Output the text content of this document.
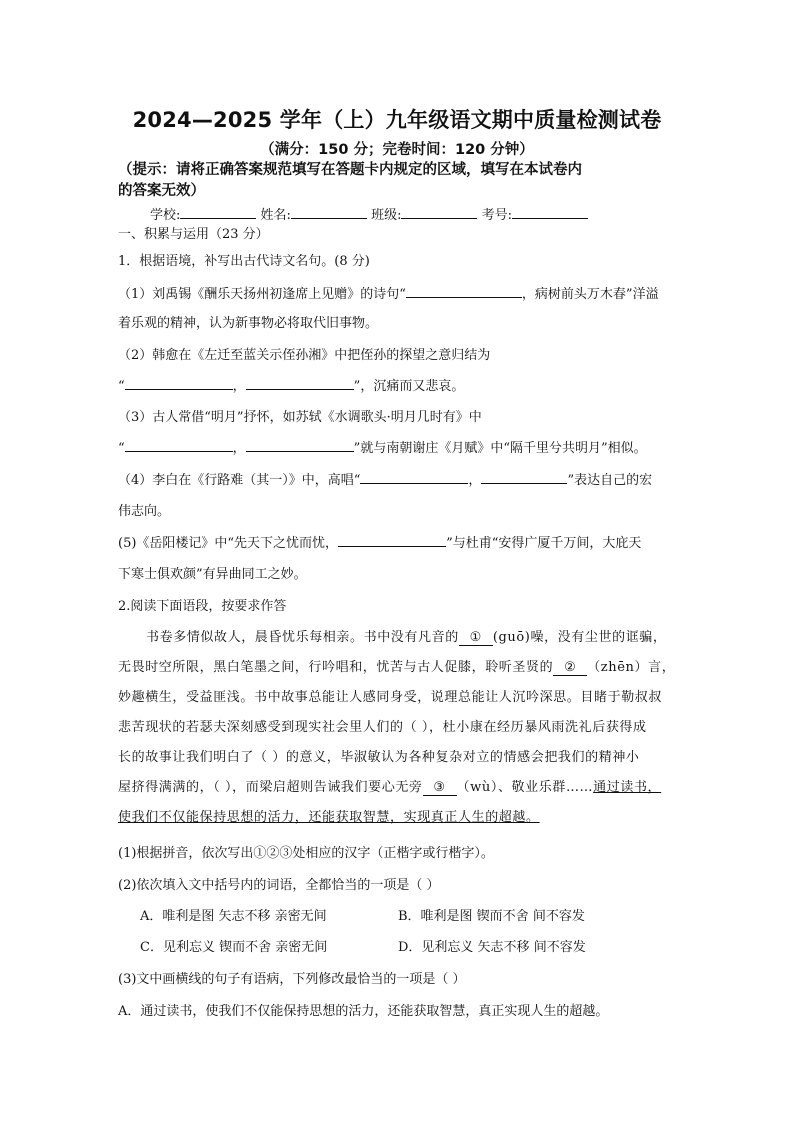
2024—2025 学年（上）九年级语文期中质量检测试卷
（满分：150 分；完卷时间：120 分钟）
（提示：请将正确答案规范填写在答题卡内规定的区域，填写在本试卷内
的答案无效）
学校:	姓名:	班级:	考号:
一、积累与运用（23 分）
1．根据语境，补写出古代诗文名句。(8 分)
（1）刘禹锡《酬乐天扬州初逢席上见赠》的诗句“	，病树前头万木春”洋溢
着乐观的精神，认为新事物必将取代旧事物。
（2）韩愈在《左迁至蓝关示侄孙湘》中把侄孙的探望之意归结为
“	，	”，沉痛而又悲哀。
（3）古人常借“明月”抒怀，如苏轼《水调歌头·明月几时有》中
“	，	”就与南朝谢庄《月赋》中“隔千里兮共明月”相似。
（4）李白在《行路难（其一）》中，高唱“	，	”表达自己的宏
伟志向。
(5)《岳阳楼记》中“先天下之忧而忧，	”与杜甫“安得广厦千万间，大庇天
下寒士俱欢颜”有异曲同工之妙。
2.阅读下面语段，按要求作答
书卷多情似故人，晨昏忧乐每相亲。书中没有凡音的 ① (guō)噪，没有尘世的诓骗，
无畏时空所限，黑白笔墨之间，行吟唱和，忧苦与古人促膝，聆听圣贤的 ② （zhēn）言，
妙趣横生，受益匪浅。书中故事总能让人感同身受，说理总能让人沉吟深思。目睹于勒叔叔
悲苦现状的若瑟夫深刻感受到现实社会里人们的（ ），杜小康在经历暴风雨洗礼后获得成
长的故事让我们明白了（ ）的意义，毕淑敏认为各种复杂对立的情感会把我们的精神小
屋挤得满满的，（ ），而梁启超则告诫我们要心无旁 ③ （wù）、敬业乐群……通过读书，
使我们不仅能保持思想的活力，还能获取智慧，实现真正人生的超越。
(1)根据拼音，依次写出①②③处相应的汉字（正楷字或行楷字）。
(2)依次填入文中括号内的词语，全都恰当的一项是（ ）
A．唯利是图 矢志不移 亲密无间	B．唯利是图 锲而不舍 间不容发
C．见利忘义 锲而不舍 亲密无间	D．见利忘义 矢志不移 间不容发
(3)文中画横线的句子有语病，下列修改最恰当的一项是（ ）
A．通过读书，使我们不仅能保持思想的活力，还能获取智慧，真正实现人生的超越。
